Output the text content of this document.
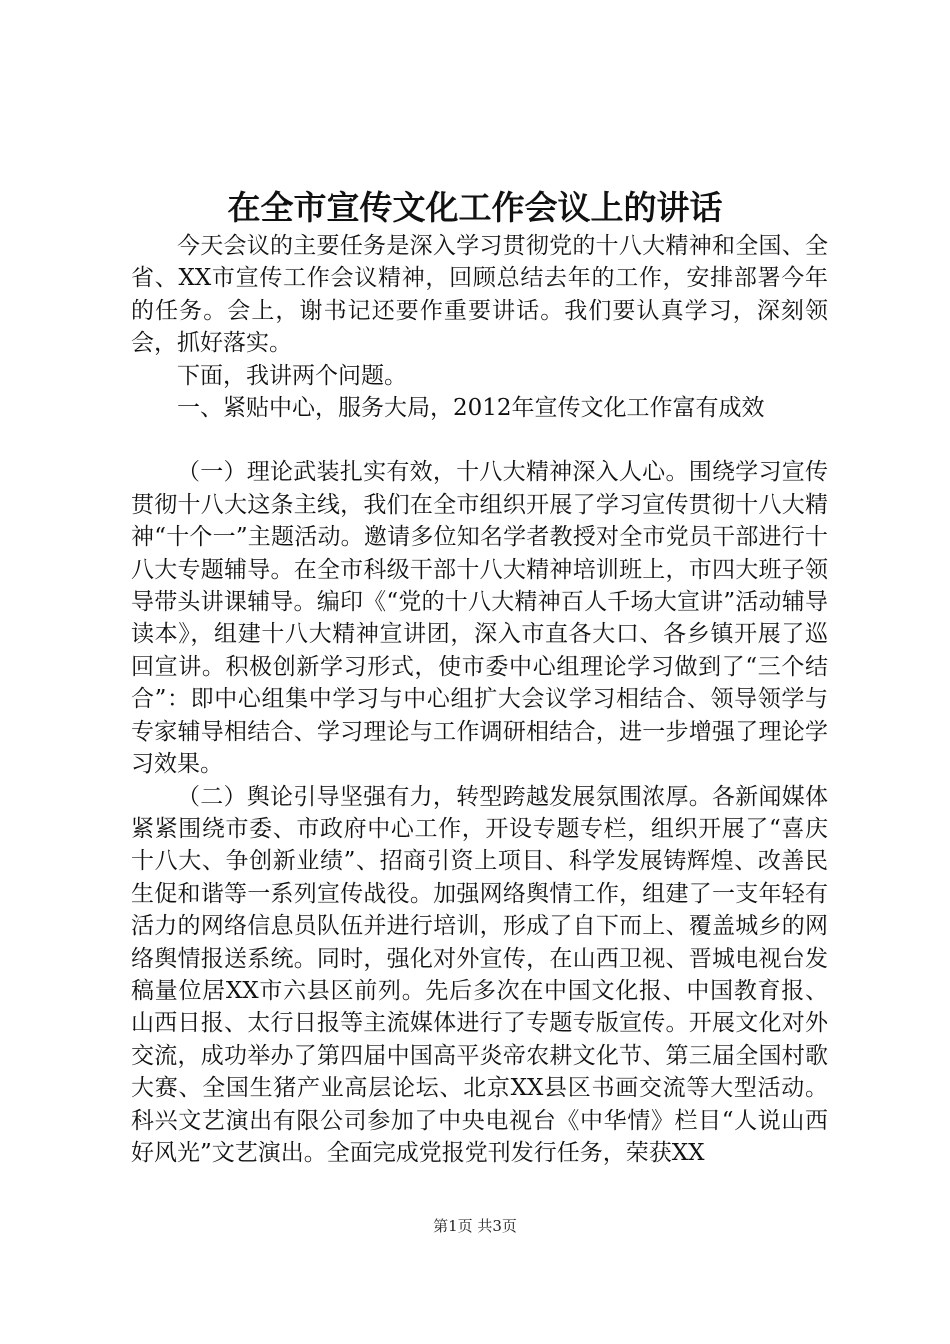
在全市宣传文化工作会议上的讲话

今天会议的主要任务是深入学习贯彻党的十八大精神和全国、全省、XX市宣传工作会议精神，回顾总结去年的工作，安排部署今年的任务。会上，谢书记还要作重要讲话。我们要认真学习，深刻领会，抓好落实。

下面，我讲两个问题。

一、紧贴中心，服务大局，2012年宣传文化工作富有成效

（一）理论武装扎实有效，十八大精神深入人心。围绕学习宣传贯彻十八大这条主线，我们在全市组织开展了学习宣传贯彻十八大精神“十个一”主题活动。邀请多位知名学者教授对全市党员干部进行十八大专题辅导。在全市科级干部十八大精神培训班上，市四大班子领导带头讲课辅导。编印《“党的十八大精神百人千场大宣讲”活动辅导读本》，组建十八大精神宣讲团，深入市直各大口、各乡镇开展了巡回宣讲。积极创新学习形式，使市委中心组理论学习做到了“三个结合”：即中心组集中学习与中心组扩大会议学习相结合、领导领学与专家辅导相结合、学习理论与工作调研相结合，进一步增强了理论学习效果。

（二）舆论引导坚强有力，转型跨越发展氛围浓厚。各新闻媒体紧紧围绕市委、市政府中心工作，开设专题专栏，组织开展了“喜庆十八大、争创新业绩”、招商引资上项目、科学发展铸辉煌、改善民生促和谐等一系列宣传战役。加强网络舆情工作，组建了一支年轻有活力的网络信息员队伍并进行培训，形成了自下而上、覆盖城乡的网络舆情报送系统。同时，强化对外宣传，在山西卫视、晋城电视台发稿量位居XX市六县区前列。先后多次在中国文化报、中国教育报、山西日报、太行日报等主流媒体进行了专题专版宣传。开展文化对外交流，成功举办了第四届中国高平炎帝农耕文化节、第三届全国村歌大赛、全国生猪产业高层论坛、北京XX县区书画交流等大型活动。科兴文艺演出有限公司参加了中央电视台《中华情》栏目“人说山西好风光”文艺演出。全面完成党报党刊发行任务，荣获XX

第1页 共3页
